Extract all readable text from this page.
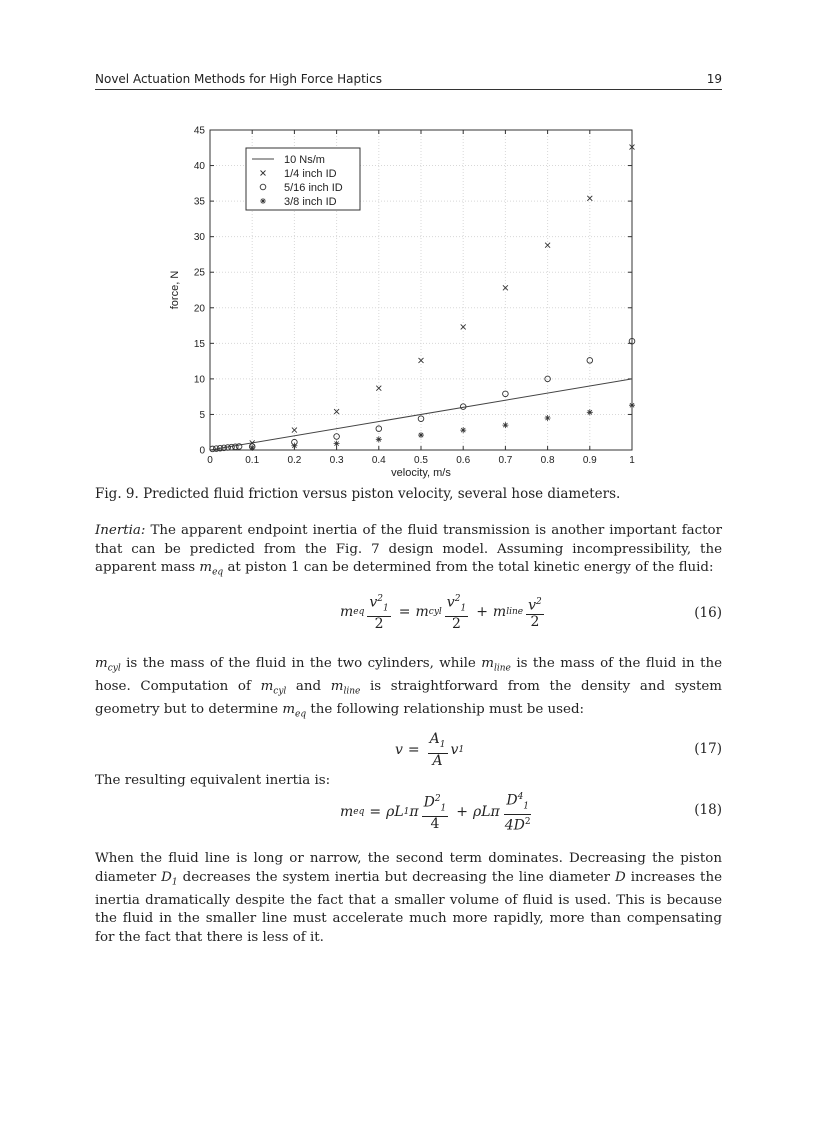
Novel Actuation Methods for High Force Haptics	19
0	0.1	0.2	0.3	0.4	0.5	0.6	0.7	0.8	0.9	1
0
5
10
15
20
25
30
35
40
45
velocity, m/s
force, N
10 Ns/m
1/4 inch ID
5/16 inch ID
3/8 inch ID
Fig. 9. Predicted fluid friction versus piston velocity, several hose diameters.

Inertia: The apparent endpoint inertia of the fluid transmission is another important factor that can be predicted from the Fig. 7 design model. Assuming incompressibility, the apparent mass $m_{eq}$ at piston 1 can be determined from the total kinetic energy of the fluid:

m eq $\frac{v^2_1}{2} = m$ cyl $\frac{v^2_1}{2} + m$ line $\frac{v^2}{2}$	(16)

$m_{cyl}$ is the mass of the fluid in the two cylinders, while $m_{line}$ is the mass of the fluid in the hose. Computation of $m_{cyl}$ and $m_{line}$ is straightforward from the density and system geometry but to determine $m_{eq}$ the following relationship must be used:

$v = \frac{A_1}{A}$ v 1	(17)
The resulting equivalent inertia is:
m eq = ρ L 1 π $\frac{D^2_1}{4} + \rho$ L π $\frac{D^4_1}{4D^2}$	(18)

When the fluid line is long or narrow, the second term dominates. Decreasing the piston diameter $D_1$ decreases the system inertia but decreasing the line diameter D increases the inertia dramatically despite the fact that a smaller volume of fluid is used. This is because the fluid in the smaller line must accelerate much more rapidly, more than compensating for the fact that there is less of it.
